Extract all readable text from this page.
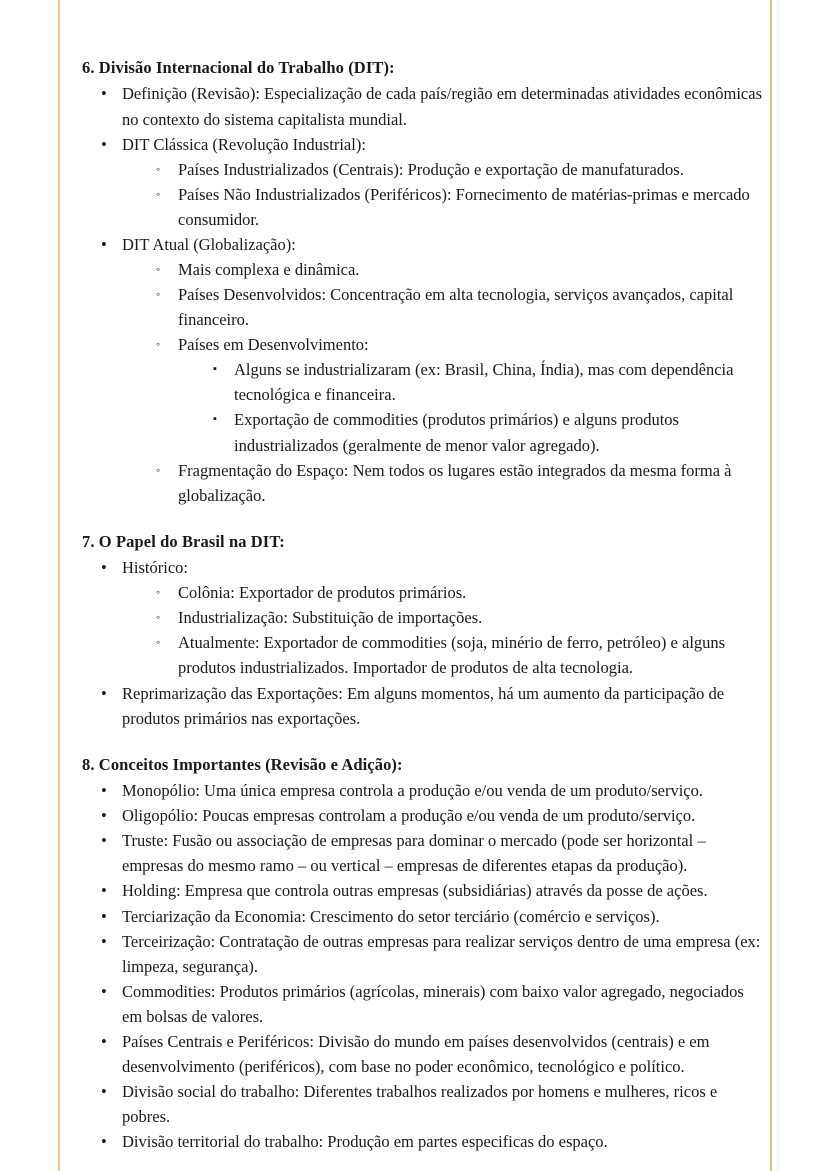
6. Divisão Internacional do Trabalho (DIT):
• Definição (Revisão): Especialização de cada país/região em determinadas atividades econômicas no contexto do sistema capitalista mundial.
• DIT Clássica (Revolução Industrial):
◦ Países Industrializados (Centrais): Produção e exportação de manufaturados.
◦ Países Não Industrializados (Periféricos): Fornecimento de matérias-primas e mercado consumidor.
• DIT Atual (Globalização):
◦ Mais complexa e dinâmica.
◦ Países Desenvolvidos: Concentração em alta tecnologia, serviços avançados, capital financeiro.
◦ Países em Desenvolvimento:
▪ Alguns se industrializaram (ex: Brasil, China, Índia), mas com dependência tecnológica e financeira.
▪ Exportação de commodities (produtos primários) e alguns produtos industrializados (geralmente de menor valor agregado).
◦ Fragmentação do Espaço: Nem todos os lugares estão integrados da mesma forma à globalização.
7. O Papel do Brasil na DIT:
• Histórico:
◦ Colônia: Exportador de produtos primários.
◦ Industrialização: Substituição de importações.
◦ Atualmente: Exportador de commodities (soja, minério de ferro, petróleo) e alguns produtos industrializados. Importador de produtos de alta tecnologia.
• Reprimarização das Exportações: Em alguns momentos, há um aumento da participação de produtos primários nas exportações.
8. Conceitos Importantes (Revisão e Adição):
• Monopólio: Uma única empresa controla a produção e/ou venda de um produto/serviço.
• Oligopólio: Poucas empresas controlam a produção e/ou venda de um produto/serviço.
• Truste: Fusão ou associação de empresas para dominar o mercado (pode ser horizontal – empresas do mesmo ramo – ou vertical – empresas de diferentes etapas da produção).
• Holding: Empresa que controla outras empresas (subsidiárias) através da posse de ações.
• Terciarização da Economia: Crescimento do setor terciário (comércio e serviços).
• Terceirização: Contratação de outras empresas para realizar serviços dentro de uma empresa (ex: limpeza, segurança).
• Commodities: Produtos primários (agrícolas, minerais) com baixo valor agregado, negociados em bolsas de valores.
• Países Centrais e Periféricos: Divisão do mundo em países desenvolvidos (centrais) e em desenvolvimento (periféricos), com base no poder econômico, tecnológico e político.
• Divisão social do trabalho: Diferentes trabalhos realizados por homens e mulheres, ricos e pobres.
• Divisão territorial do trabalho: Produção em partes especificas do espaço.
